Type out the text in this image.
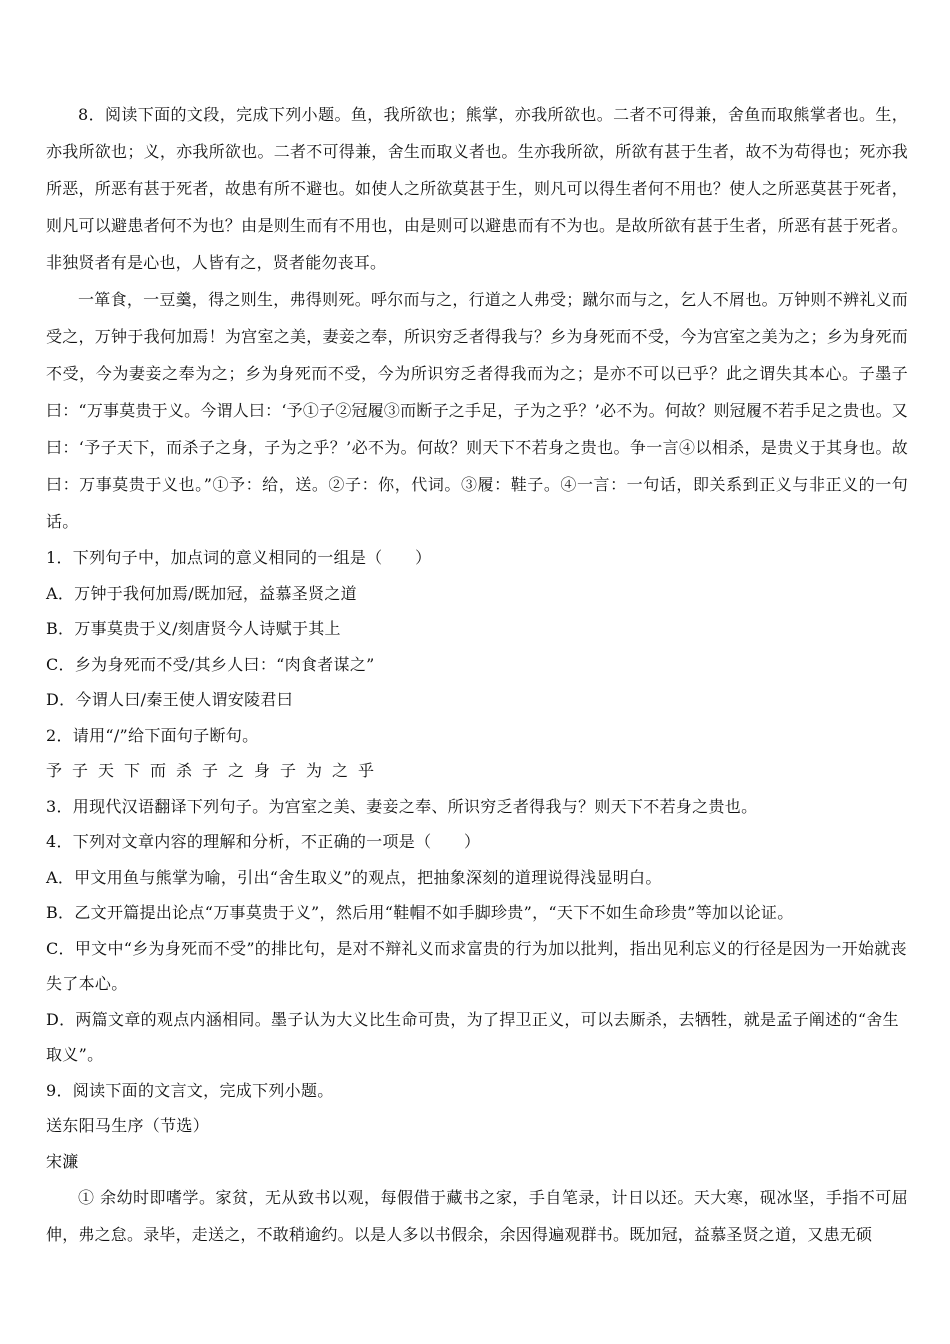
8．阅读下面的文段，完成下列小题。鱼，我所欲也；熊掌，亦我所欲也。二者不可得兼，舍鱼而取熊掌者也。生，亦我所欲也；义，亦我所欲也。二者不可得兼，舍生而取义者也。生亦我所欲，所欲有甚于生者，故不为苟得也；死亦我所恶，所恶有甚于死者，故患有所不避也。如使人之所欲莫甚于生，则凡可以得生者何不用也？使人之所恶莫甚于死者，则凡可以避患者何不为也？由是则生而有不用也，由是则可以避患而有不为也。是故所欲有甚于生者，所恶有甚于死者。非独贤者有是心也，人皆有之，贤者能勿丧耳。

一箪食，一豆羹，得之则生，弗得则死。呼尔而与之，行道之人弗受；蹴尔而与之，乞人不屑也。万钟则不辨礼义而受之，万钟于我何加焉！为宫室之美，妻妾之奉，所识穷乏者得我与？乡为身死而不受，今为宫室之美为之；乡为身死而不受，今为妻妾之奉为之；乡为身死而不受，今为所识穷乏者得我而为之；是亦不可以已乎？此之谓失其本心。子墨子曰：“万事莫贵于义。今谓人曰：‘予①子②冠履③而断子之手足，子为之乎？’必不为。何故？则冠履不若手足之贵也。又曰：‘予子天下，而杀子之身，子为之乎？’必不为。何故？则天下不若身之贵也。争一言④以相杀，是贵义于其身也。故曰：万事莫贵于义也。”①予：给，送。②子：你，代词。③履：鞋子。④一言：一句话，即关系到正义与非正义的一句话。

1．下列句子中，加点词的意义相同的一组是（　　）

A．万钟于我何加焉/既加冠，益慕圣贤之道

B．万事莫贵于义/刻唐贤今人诗赋于其上

C．乡为身死而不受/其乡人曰：“肉食者谋之”

D．今谓人曰/秦王使人谓安陵君曰

2．请用“/”给下面句子断句。

予子天下而杀子之身子为之乎

3．用现代汉语翻译下列句子。为宫室之美、妻妾之奉、所识穷乏者得我与？则天下不若身之贵也。

4．下列对文章内容的理解和分析，不正确的一项是（　　）

A．甲文用鱼与熊掌为喻，引出“舍生取义”的观点，把抽象深刻的道理说得浅显明白。

B．乙文开篇提出论点“万事莫贵于义”，然后用“鞋帽不如手脚珍贵”，“天下不如生命珍贵”等加以论证。

C．甲文中“乡为身死而不受”的排比句，是对不辩礼义而求富贵的行为加以批判，指出见利忘义的行径是因为一开始就丧失了本心。

D．两篇文章的观点内涵相同。墨子认为大义比生命可贵，为了捍卫正义，可以去厮杀，去牺牲，就是孟子阐述的“舍生取义”。

9．阅读下面的文言文，完成下列小题。

送东阳马生序（节选）

宋濂

① 余幼时即嗜学。家贫，无从致书以观，每假借于藏书之家，手自笔录，计日以还。天大寒，砚冰坚，手指不可屈伸，弗之怠。录毕，走送之，不敢稍逾约。以是人多以书假余，余因得遍观群书。既加冠，益慕圣贤之道，又患无硕
